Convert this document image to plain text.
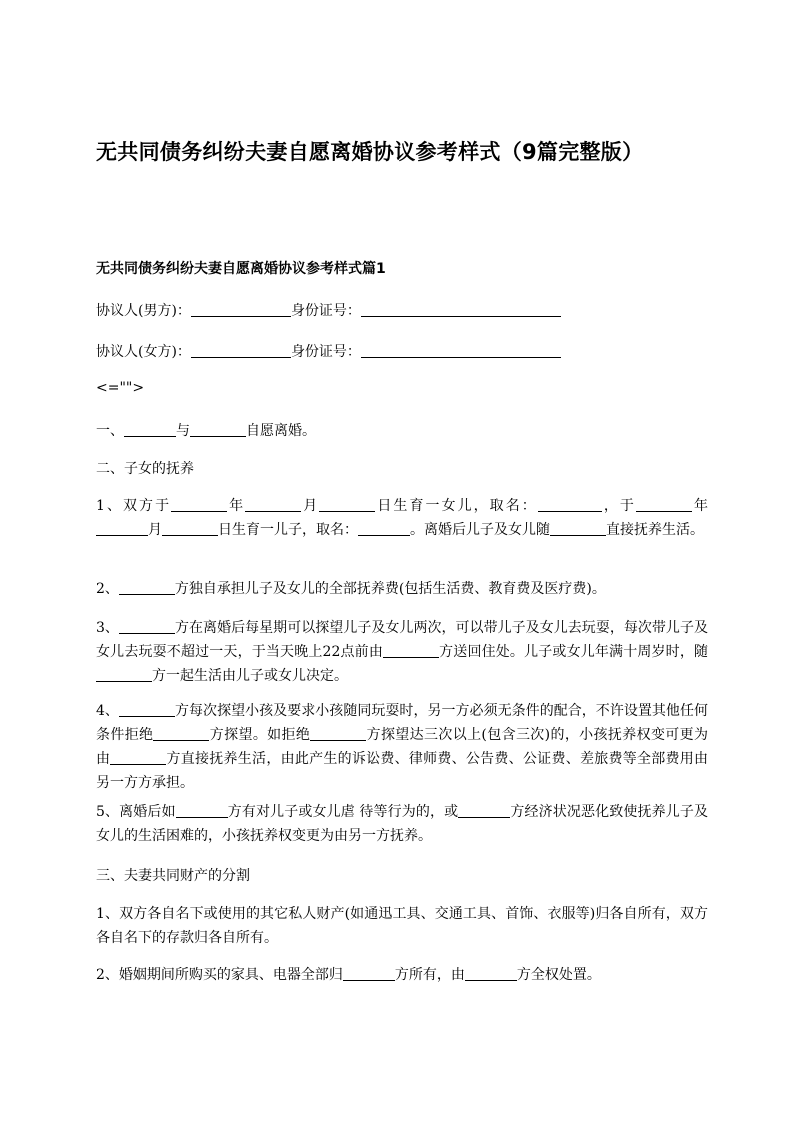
无共同债务纠纷夫妻自愿离婚协议参考样式（9篇完整版）
无共同债务纠纷夫妻自愿离婚协议参考样式篇1

协议人(男方)：	身份证号：

协议人(女方)：	身份证号：

<="">

一、	与	自愿离婚。

二、子女的抚养

1、双方于	年	月	日生育一女儿，取名：	，于	年月	日生育一儿子，取名：	。离婚后儿子及女儿随	直接抚养生活。

2、	方独自承担儿子及女儿的全部抚养费(包括生活费、教育费及医疗费)。

3、	方在离婚后每星期可以探望儿子及女儿两次，可以带儿子及女儿去玩耍，每次带儿子及女儿去玩耍不超过一天，于当天晚上22点前由	方送回住处。儿子或女儿年满十周岁时，随方一起生活由儿子或女儿决定。

4、	方每次探望小孩及要求小孩随同玩耍时，另一方必须无条件的配合，不许设置其他任何条件拒绝	方探望。如拒绝	方探望达三次以上(包含三次)的，小孩抚养权变可更为由	方直接抚养生活，由此产生的诉讼费、律师费、公告费、公证费、差旅费等全部费用由另一方方承担。

5、离婚后如	方有对儿子或女儿虐 待等行为的，或	方经济状况恶化致使抚养儿子及女儿的生活困难的，小孩抚养权变更为由另一方抚养。

三、夫妻共同财产的分割

1、双方各自名下或使用的其它私人财产(如通迅工具、交通工具、首饰、衣服等)归各自所有，双方各自名下的存款归各自所有。

2、婚姻期间所购买的家具、电器全部归	方所有，由	方全权处置。
